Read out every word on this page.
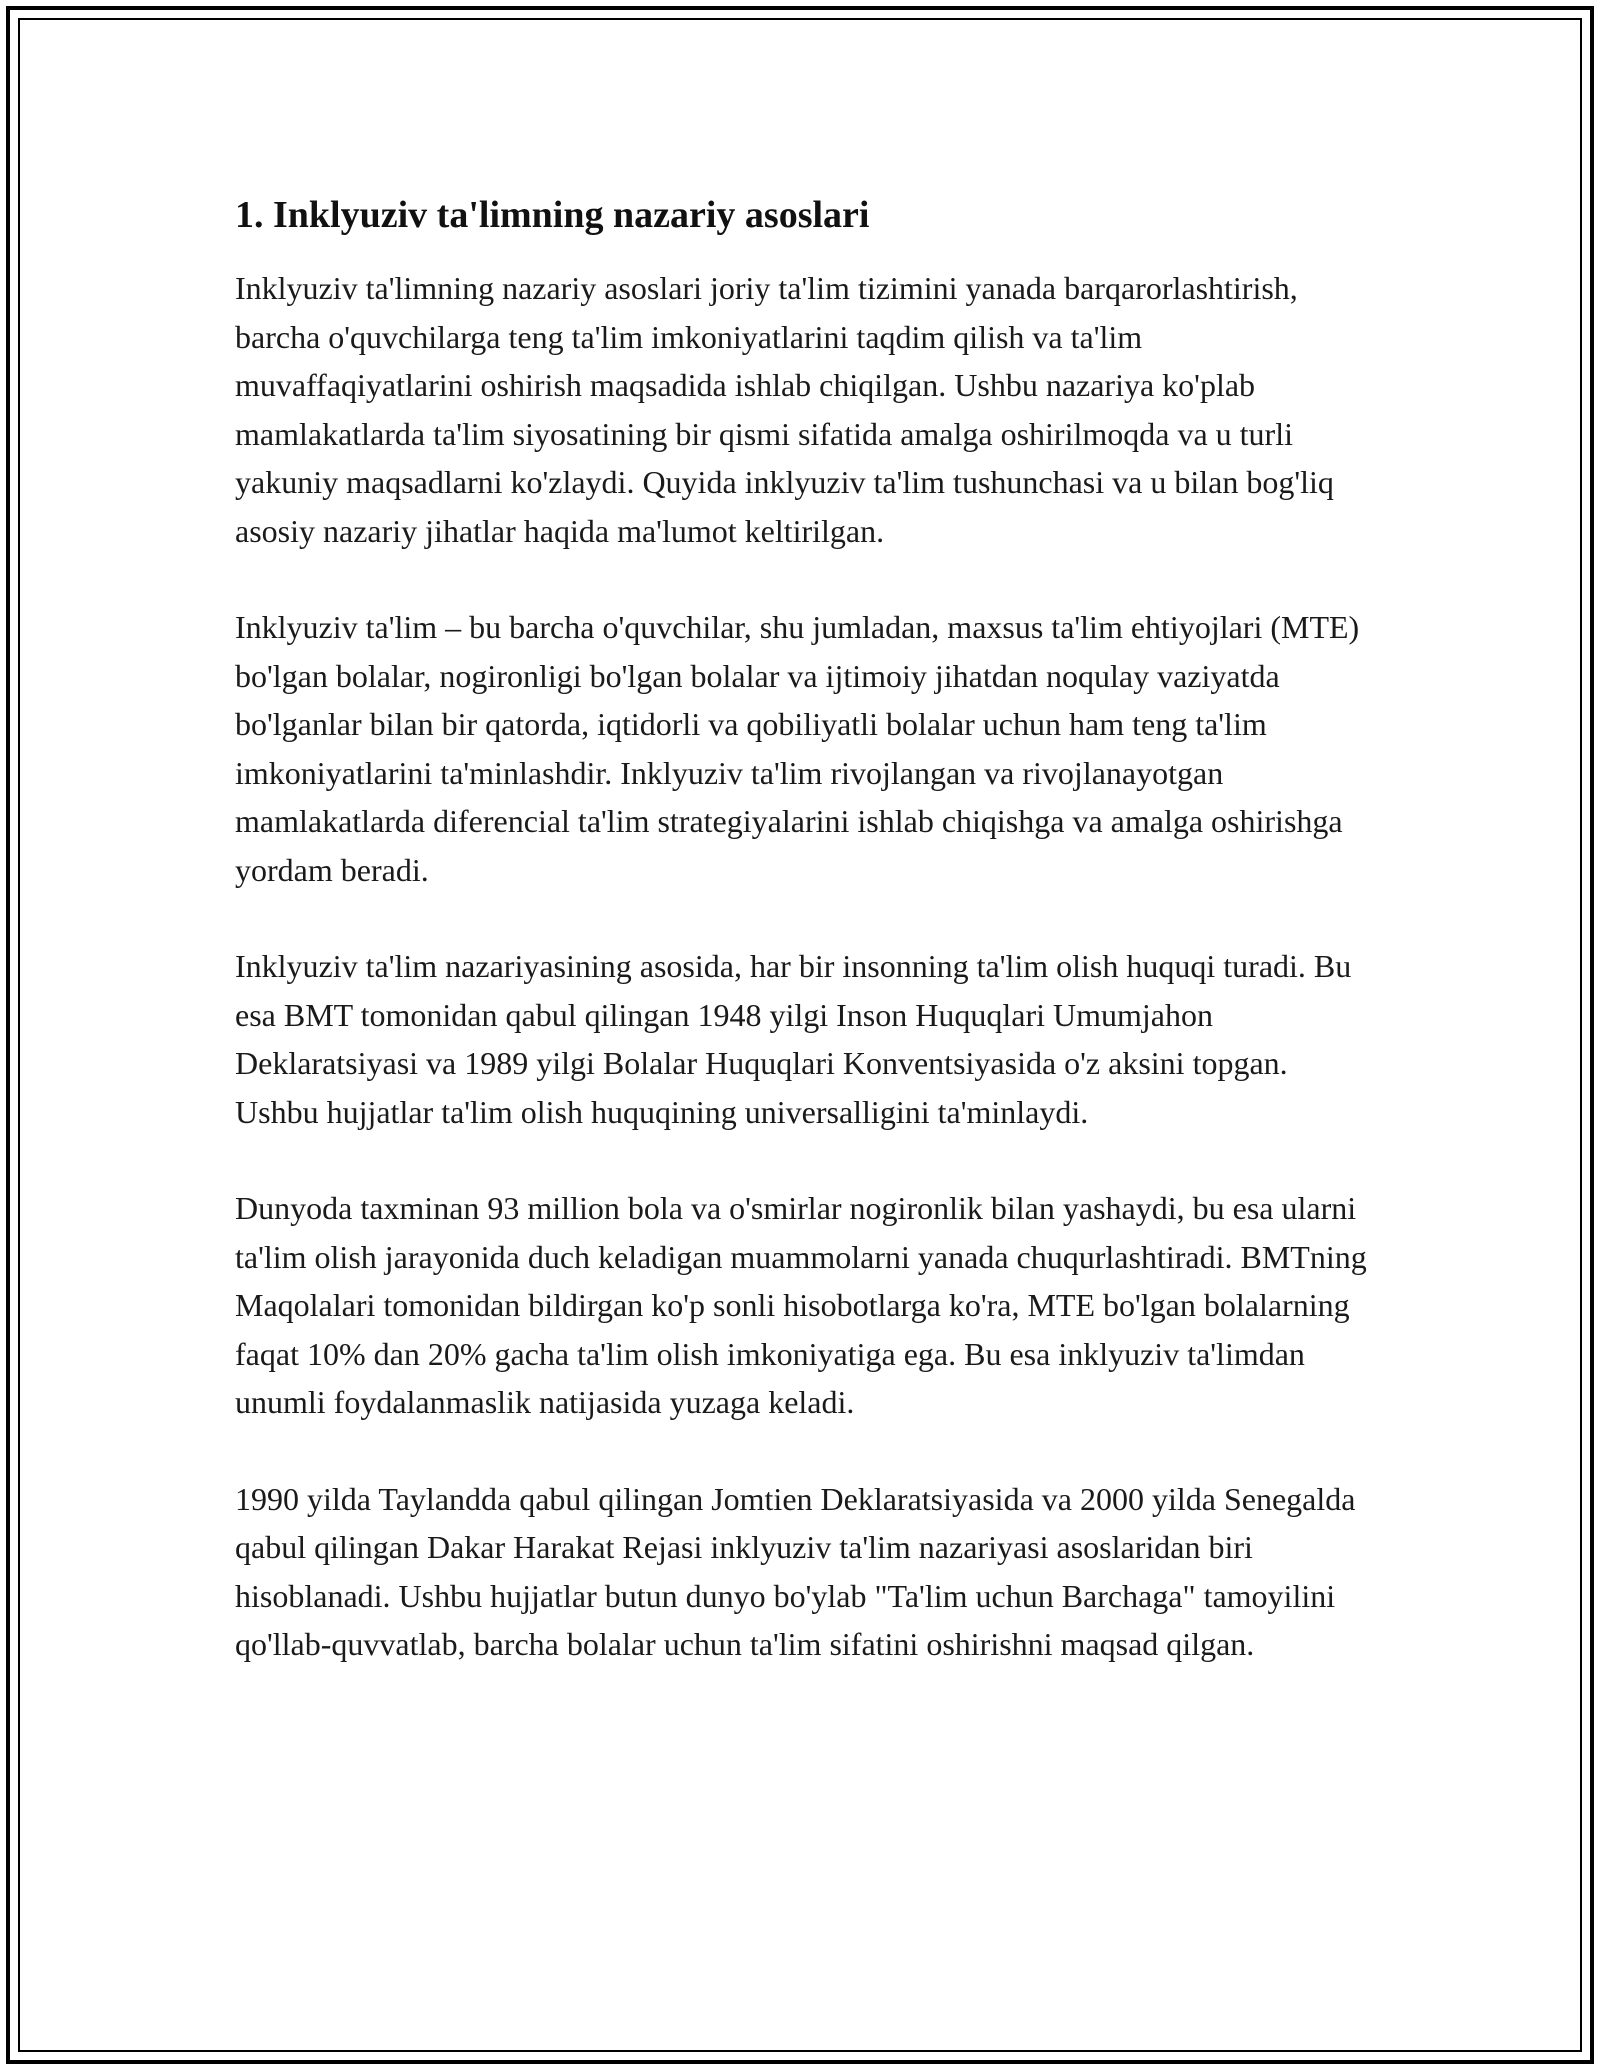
1. Inklyuziv ta'limning nazariy asoslari

Inklyuziv ta'limning nazariy asoslari joriy ta'lim tizimini yanada barqarorlashtirish, barcha o'quvchilarga teng ta'lim imkoniyatlarini taqdim qilish va ta'lim muvaffaqiyatlarini oshirish maqsadida ishlab chiqilgan. Ushbu nazariya ko'plab mamlakatlarda ta'lim siyosatining bir qismi sifatida amalga oshirilmoqda va u turli yakuniy maqsadlarni ko'zlaydi. Quyida inklyuziv ta'lim tushunchasi va u bilan bog'liq asosiy nazariy jihatlar haqida ma'lumot keltirilgan.

Inklyuziv ta'lim – bu barcha o'quvchilar, shu jumladan, maxsus ta'lim ehtiyojlari (MTE) bo'lgan bolalar, nogironligi bo'lgan bolalar va ijtimoiy jihatdan noqulay vaziyatda bo'lganlar bilan bir qatorda, iqtidorli va qobiliyatli bolalar uchun ham teng ta'lim imkoniyatlarini ta'minlashdir. Inklyuziv ta'lim rivojlangan va rivojlanayotgan mamlakatlarda diferencial ta'lim strategiyalarini ishlab chiqishga va amalga oshirishga yordam beradi.

Inklyuziv ta'lim nazariyasining asosida, har bir insonning ta'lim olish huquqi turadi. Bu esa BMT tomonidan qabul qilingan 1948 yilgi Inson Huquqlari Umumjahon Deklaratsiyasi va 1989 yilgi Bolalar Huquqlari Konventsiyasida o'z aksini topgan. Ushbu hujjatlar ta'lim olish huquqining universalligini ta'minlaydi.

Dunyoda taxminan 93 million bola va o'smirlar nogironlik bilan yashaydi, bu esa ularni ta'lim olish jarayonida duch keladigan muammolarni yanada chuqurlashtiradi. BMTning Maqolalari tomonidan bildirgan ko'p sonli hisobotlarga ko'ra, MTE bo'lgan bolalarning faqat 10% dan 20% gacha ta'lim olish imkoniyatiga ega. Bu esa inklyuziv ta'limdan unumli foydalanmaslik natijasida yuzaga keladi.

1990 yilda Taylandda qabul qilingan Jomtien Deklaratsiyasida va 2000 yilda Senegalda qabul qilingan Dakar Harakat Rejasi inklyuziv ta'lim nazariyasi asoslaridan biri hisoblanadi. Ushbu hujjatlar butun dunyo bo'ylab "Ta'lim uchun Barchaga" tamoyilini qo'llab-quvvatlab, barcha bolalar uchun ta'lim sifatini oshirishni maqsad qilgan.
